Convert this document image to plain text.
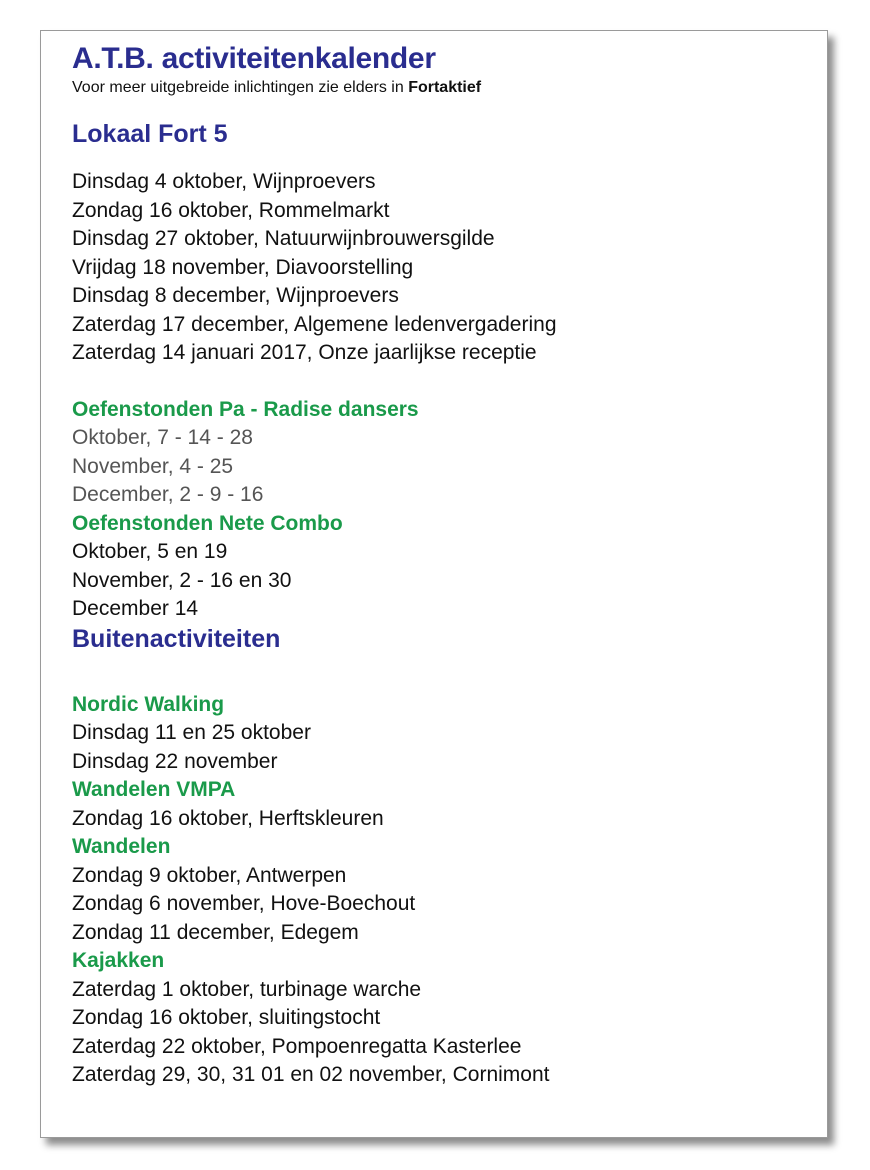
A.T.B. activiteitenkalender
Voor meer uitgebreide inlichtingen zie elders in Fortaktief
Lokaal Fort 5
Dinsdag 4 oktober, Wijnproevers
Zondag 16 oktober, Rommelmarkt
Dinsdag 27 oktober, Natuurwijnbrouwersgilde
Vrijdag 18 november, Diavoorstelling
Dinsdag 8 december, Wijnproevers
Zaterdag 17 december, Algemene ledenvergadering
Zaterdag 14 januari 2017, Onze jaarlijkse receptie
Oefenstonden Pa - Radise dansers
Oktober, 7 - 14 - 28
November, 4 - 25
December, 2 - 9 - 16
Oefenstonden Nete Combo
Oktober, 5 en 19
November, 2 - 16 en 30
December 14
Buitenactiviteiten
Nordic Walking
Dinsdag 11 en 25 oktober
Dinsdag 22 november
Wandelen VMPA
Zondag 16 oktober, Herftskleuren
Wandelen
Zondag 9 oktober, Antwerpen
Zondag 6 november, Hove-Boechout
Zondag 11 december, Edegem
Kajakken
Zaterdag 1 oktober, turbinage warche
Zondag 16 oktober, sluitingstocht
Zaterdag 22 oktober, Pompoenregatta Kasterlee
Zaterdag 29, 30, 31 01 en 02 november, Cornimont
